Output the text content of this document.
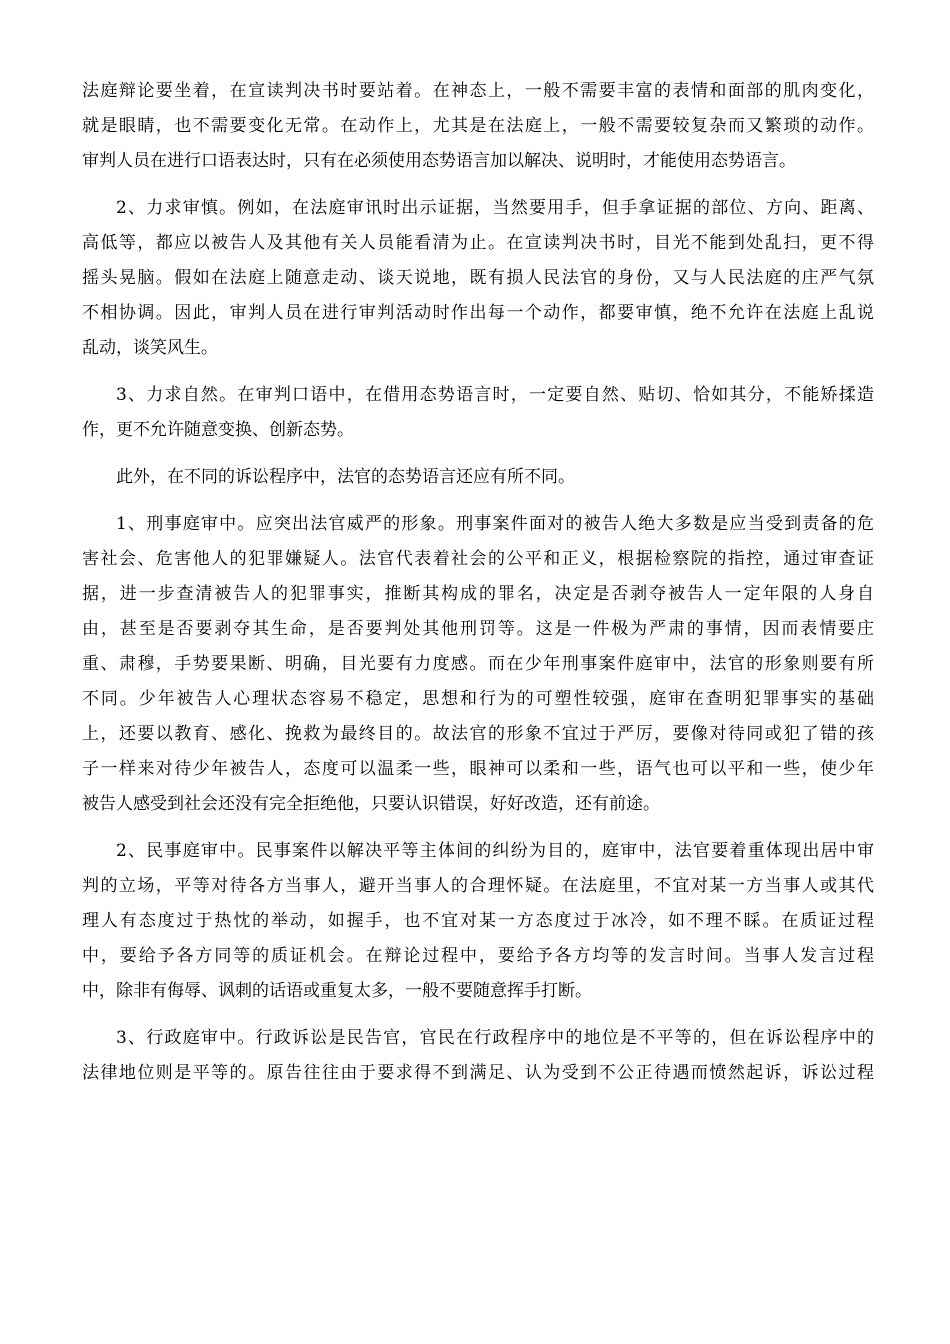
法庭辩论要坐着，在宣读判决书时要站着。在神态上，一般不需要丰富的表情和面部的肌肉变化，
就是眼睛，也不需要变化无常。在动作上，尤其是在法庭上，一般不需要较复杂而又繁琐的动作。
审判人员在进行口语表达时，只有在必须使用态势语言加以解决、说明时，才能使用态势语言。

2、力求审慎。例如，在法庭审讯时出示证据，当然要用手，但手拿证据的部位、方向、距离、
高低等，都应以被告人及其他有关人员能看清为止。在宣读判决书时，目光不能到处乱扫，更不得
摇头晃脑。假如在法庭上随意走动、谈天说地，既有损人民法官的身份，又与人民法庭的庄严气氛
不相协调。因此，审判人员在进行审判活动时作出每一个动作，都要审慎，绝不允许在法庭上乱说
乱动，谈笑风生。

3、力求自然。在审判口语中，在借用态势语言时，一定要自然、贴切、恰如其分，不能矫揉造
作，更不允许随意变换、创新态势。

此外，在不同的诉讼程序中，法官的态势语言还应有所不同。

1、刑事庭审中。应突出法官威严的形象。刑事案件面对的被告人绝大多数是应当受到责备的危
害社会、危害他人的犯罪嫌疑人。法官代表着社会的公平和正义，根据检察院的指控，通过审查证
据，进一步查清被告人的犯罪事实，推断其构成的罪名，决定是否剥夺被告人一定年限的人身自
由，甚至是否要剥夺其生命，是否要判处其他刑罚等。这是一件极为严肃的事情，因而表情要庄
重、肃穆，手势要果断、明确，目光要有力度感。而在少年刑事案件庭审中，法官的形象则要有所
不同。少年被告人心理状态容易不稳定，思想和行为的可塑性较强，庭审在查明犯罪事实的基础
上，还要以教育、感化、挽救为最终目的。故法官的形象不宜过于严厉，要像对待同或犯了错的孩
子一样来对待少年被告人，态度可以温柔一些，眼神可以柔和一些，语气也可以平和一些，使少年
被告人感受到社会还没有完全拒绝他，只要认识错误，好好改造，还有前途。

2、民事庭审中。民事案件以解决平等主体间的纠纷为目的，庭审中，法官要着重体现出居中审
判的立场，平等对待各方当事人，避开当事人的合理怀疑。在法庭里，不宜对某一方当事人或其代
理人有态度过于热忱的举动，如握手，也不宜对某一方态度过于冰冷，如不理不睬。在质证过程
中，要给予各方同等的质证机会。在辩论过程中，要给予各方均等的发言时间。当事人发言过程
中，除非有侮辱、讽刺的话语或重复太多，一般不要随意挥手打断。

3、行政庭审中。行政诉讼是民告官，官民在行政程序中的地位是不平等的，但在诉讼程序中的
法律地位则是平等的。原告往往由于要求得不到满足、认为受到不公正待遇而愤然起诉，诉讼过程
